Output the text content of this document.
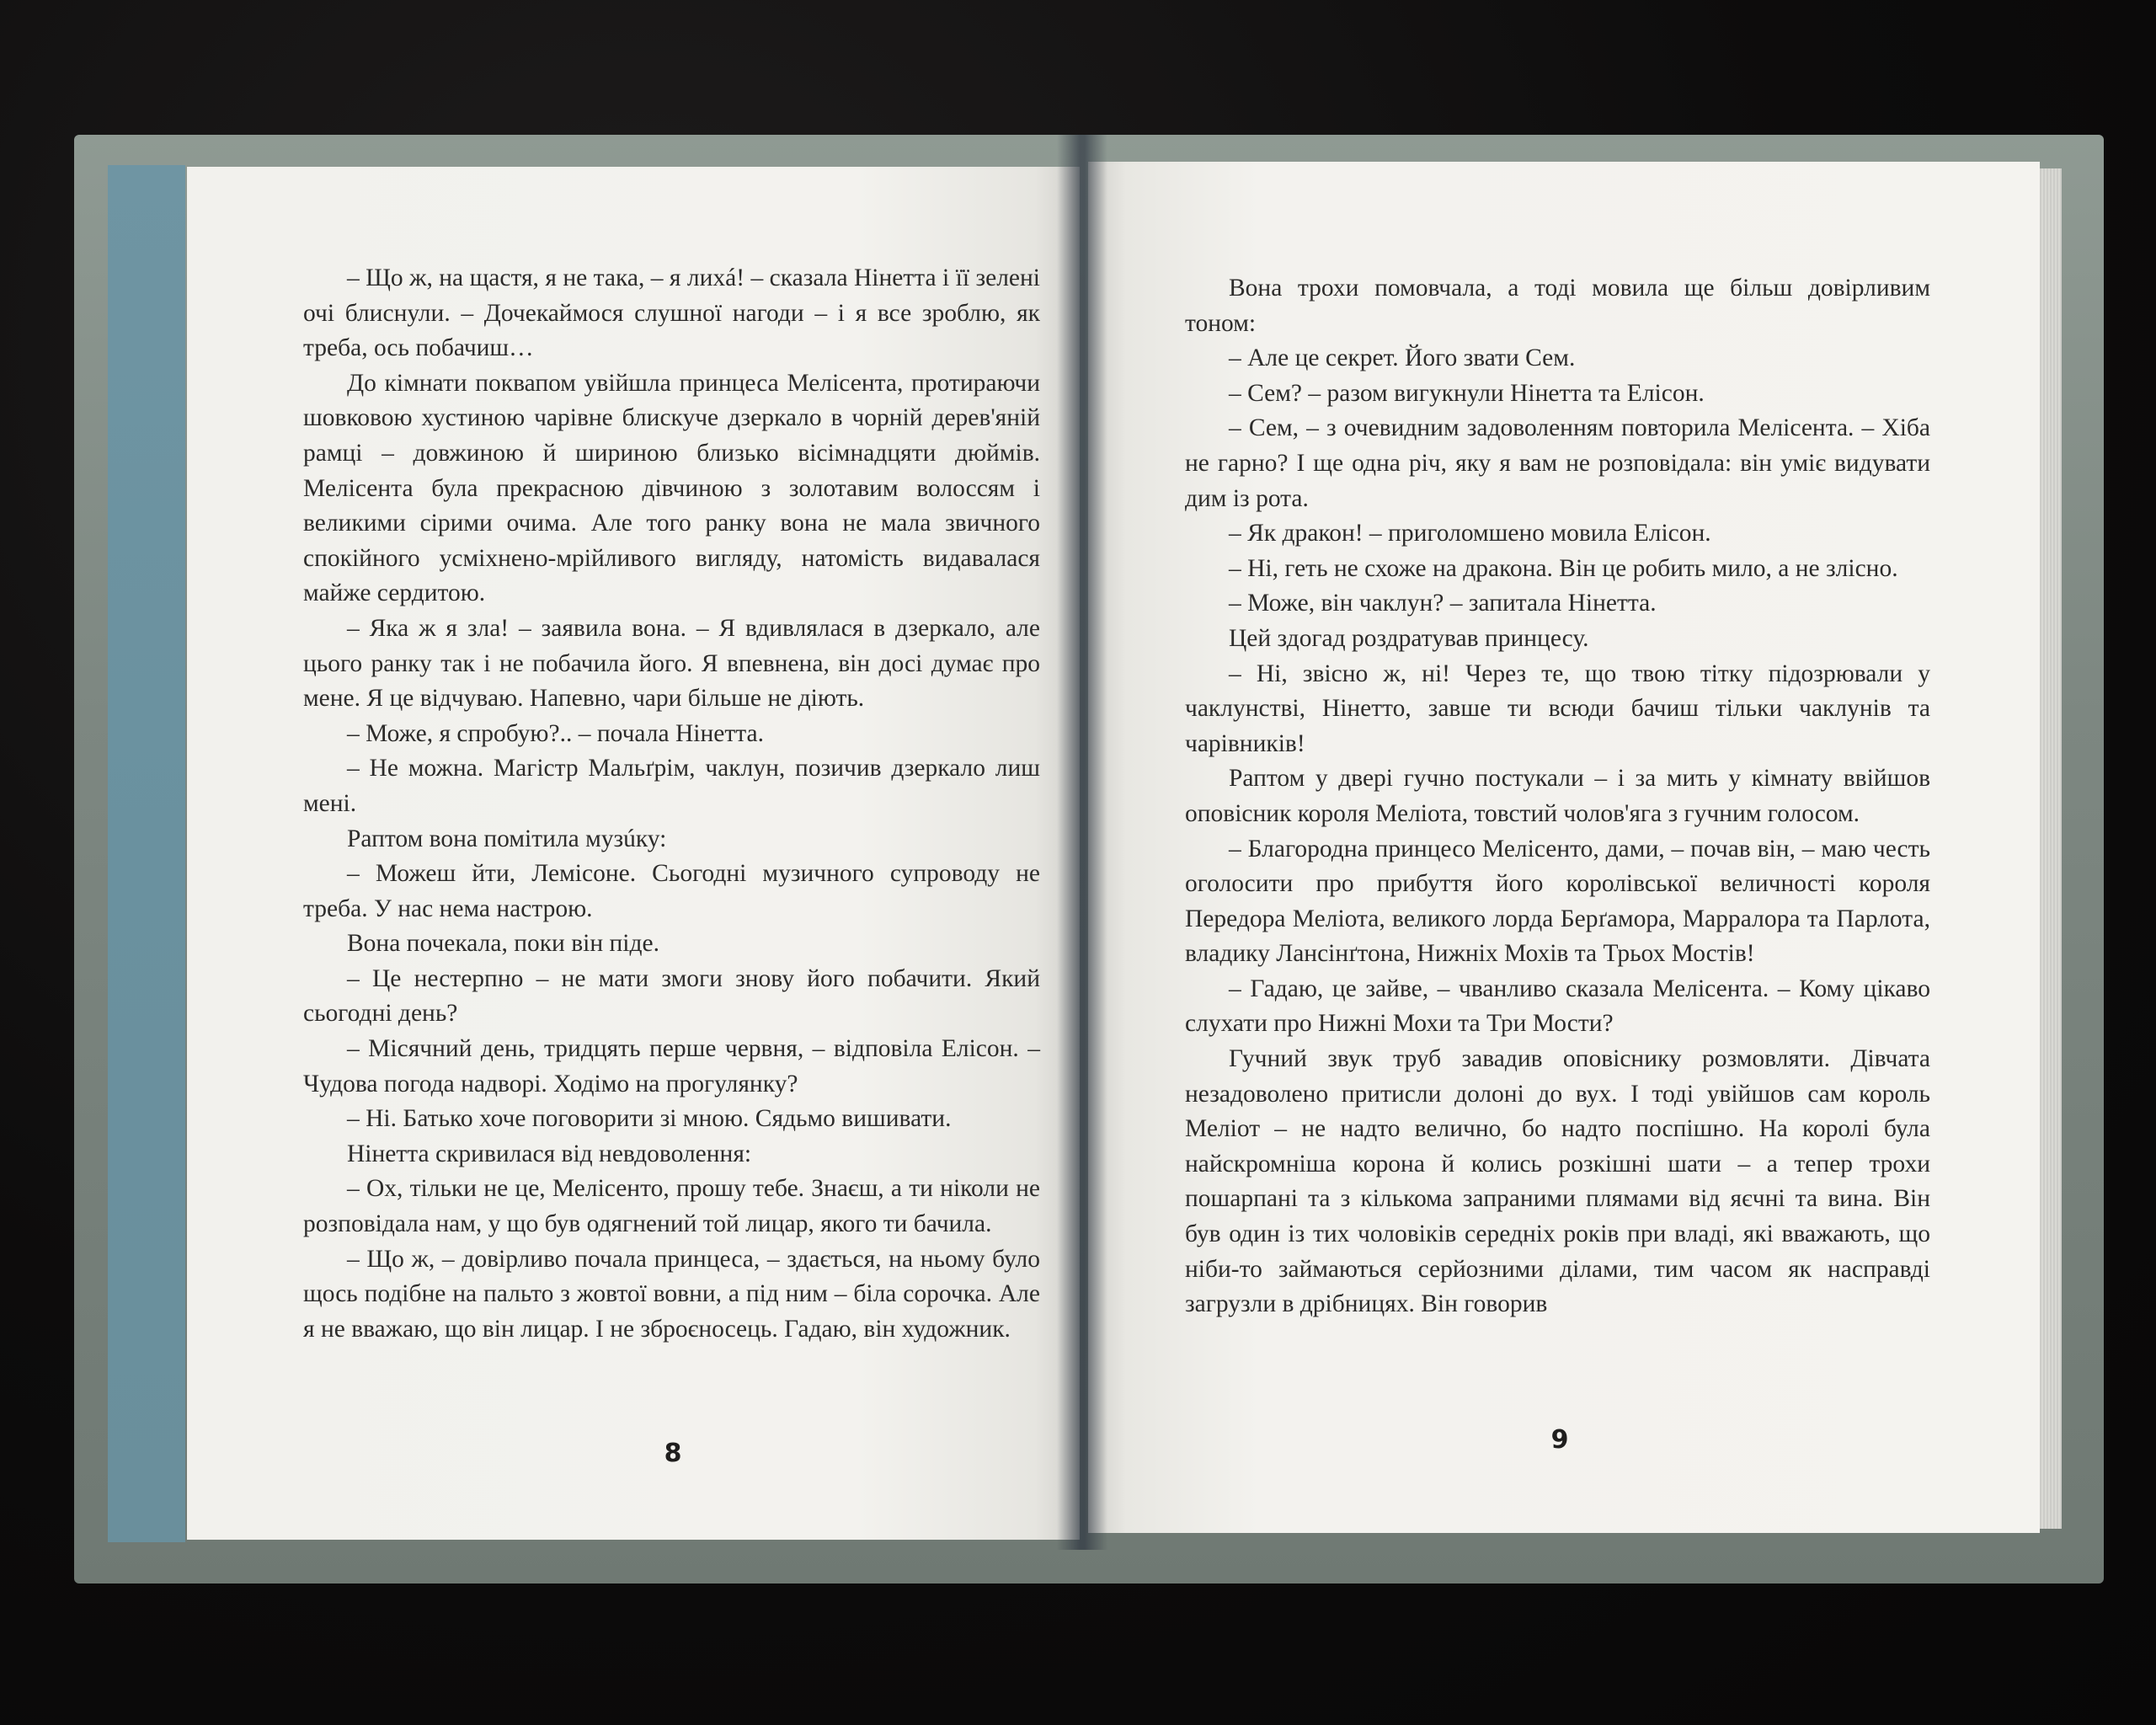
– Що ж, на щастя, я не така, – я лихá! – сказала Нінетта і її зелені очі блиснули. – Дочекаймося слушної нагоди – і я все зроблю, як треба, ось побачиш…

До кімнати поквапом увійшла принцеса Мелісента, протираючи шовковою хустиною чарівне блискуче дзеркало в чорній дерев'яній рамці – довжиною й шириною близько вісімнадцяти дюймів. Мелісента була прекрасною дівчиною з золотавим волоссям і великими сірими очима. Але того ранку вона не мала звичного спокійного усміхнено-мрійливого вигляду, натомість видавалася майже сердитою.

– Яка ж я зла! – заявила вона. – Я вдивлялася в дзеркало, але цього ранку так і не побачила його. Я впевнена, він досі думає про мене. Я це відчуваю. Напевно, чари більше не діють.

– Може, я спробую?.. – почала Нінетта.

– Не можна. Магістр Мальґрім, чаклун, позичив дзеркало лиш мені.

Раптом вона помітила музúку:

– Можеш йти, Лемісоне. Сьогодні музичного супроводу не треба. У нас нема настрою.

Вона почекала, поки він піде.

– Це нестерпно – не мати змоги знову його побачити. Який сьогодні день?

– Місячний день, тридцять перше червня, – відповіла Елісон. – Чудова погода надворі. Ходімо на прогулянку?

– Ні. Батько хоче поговорити зі мною. Сядьмо вишивати.

Нінетта скривилася від невдоволення:

– Ох, тільки не це, Мелісенто, прошу тебе. Знаєш, а ти ніколи не розповідала нам, у що був одягнений той лицар, якого ти бачила.

– Що ж, – довірливо почала принцеса, – здається, на ньому було щось подібне на пальто з жовтої вовни, а під ним – біла сорочка. Але я не вважаю, що він лицар. І не зброєносець. Гадаю, він художник.

8

Вона трохи помовчала, а тоді мовила ще більш довірливим тоном:

– Але це секрет. Його звати Сем.

– Сем? – разом вигукнули Нінетта та Елісон.

– Сем, – з очевидним задоволенням повторила Мелісента. – Хіба не гарно? І ще одна річ, яку я вам не розповідала: він уміє видувати дим із рота.

– Як дракон! – приголомшено мовила Елісон.

– Ні, геть не схоже на дракона. Він це робить мило, а не злісно.

– Може, він чаклун? – запитала Нінетта.

Цей здогад роздратував принцесу.

– Ні, звісно ж, ні! Через те, що твою тітку підозрювали у чаклунстві, Нінетто, завше ти всюди бачиш тільки чаклунів та чарівників!

Раптом у двері гучно постукали – і за мить у кімнату ввійшов оповісник короля Меліота, товстий чолов'яга з гучним голосом.

– Благородна принцесо Мелісенто, дами, – почав він, – маю честь оголосити про прибуття його королівської величності короля Передора Меліота, великого лорда Берґамора, Марралора та Парлота, владику Лансінґтона, Нижніх Мохів та Трьох Мостів!

– Гадаю, це зайве, – чванливо сказала Мелісента. – Кому цікаво слухати про Нижні Мохи та Три Мости?

Гучний звук труб завадив оповіснику розмовляти. Дівчата незадоволено притисли долоні до вух. І тоді увійшов сам король Меліот – не надто велично, бо надто поспішно. На королі була найскромніша корона й колись розкішні шати – а тепер трохи пошарпані та з кількома запраними плямами від яєчні та вина. Він був один із тих чоловіків середніх років при владі, які вважають, що ніби-то займаються серйозними ділами, тим часом як насправді загрузли в дрібницях. Він говорив

9
